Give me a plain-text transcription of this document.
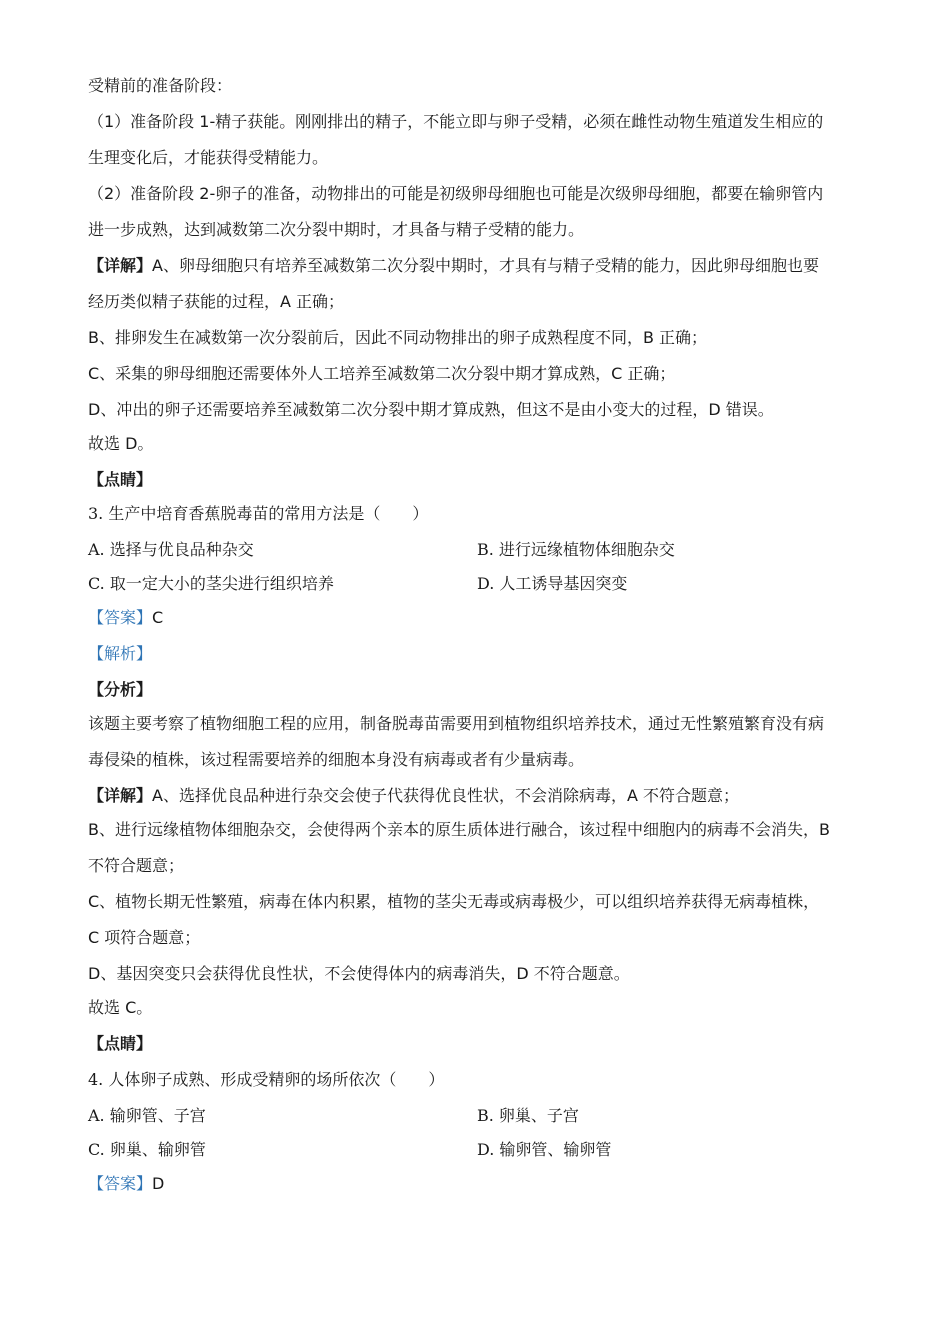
受精前的准备阶段：
（1）准备阶段 1-精子获能。刚刚排出的精子，不能立即与卵子受精，必须在雌性动物生殖道发生相应的
生理变化后，才能获得受精能力。
（2）准备阶段 2-卵子的准备，动物排出的可能是初级卵母细胞也可能是次级卵母细胞，都要在输卵管内
进一步成熟，达到减数第二次分裂中期时，才具备与精子受精的能力。
【详解】A、卵母细胞只有培养至减数第二次分裂中期时，才具有与精子受精的能力，因此卵母细胞也要
经历类似精子获能的过程，A 正确；
B、排卵发生在减数第一次分裂前后，因此不同动物排出的卵子成熟程度不同，B 正确；
C、采集的卵母细胞还需要体外人工培养至减数第二次分裂中期才算成熟，C 正确；
D、冲出的卵子还需要培养至减数第二次分裂中期才算成熟，但这不是由小变大的过程，D 错误。
故选 D。
【点睛】
3. 生产中培育香蕉脱毒苗的常用方法是（　　）
A. 选择与优良品种杂交	B. 进行远缘植物体细胞杂交
C. 取一定大小的茎尖进行组织培养	D. 人工诱导基因突变
【答案】C
【解析】
【分析】
该题主要考察了植物细胞工程的应用，制备脱毒苗需要用到植物组织培养技术，通过无性繁殖繁育没有病
毒侵染的植株，该过程需要培养的细胞本身没有病毒或者有少量病毒。
【详解】A、选择优良品种进行杂交会使子代获得优良性状，不会消除病毒，A 不符合题意；
B、进行远缘植物体细胞杂交，会使得两个亲本的原生质体进行融合，该过程中细胞内的病毒不会消失，B
不符合题意；
C、植物长期无性繁殖，病毒在体内积累，植物的茎尖无毒或病毒极少，可以组织培养获得无病毒植株，
C 项符合题意；
D、基因突变只会获得优良性状，不会使得体内的病毒消失，D 不符合题意。
故选 C。
【点睛】
4. 人体卵子成熟、形成受精卵的场所依次（　　）
A. 输卵管、子宫	B. 卵巢、子宫
C. 卵巢、输卵管	D. 输卵管、输卵管
【答案】D
